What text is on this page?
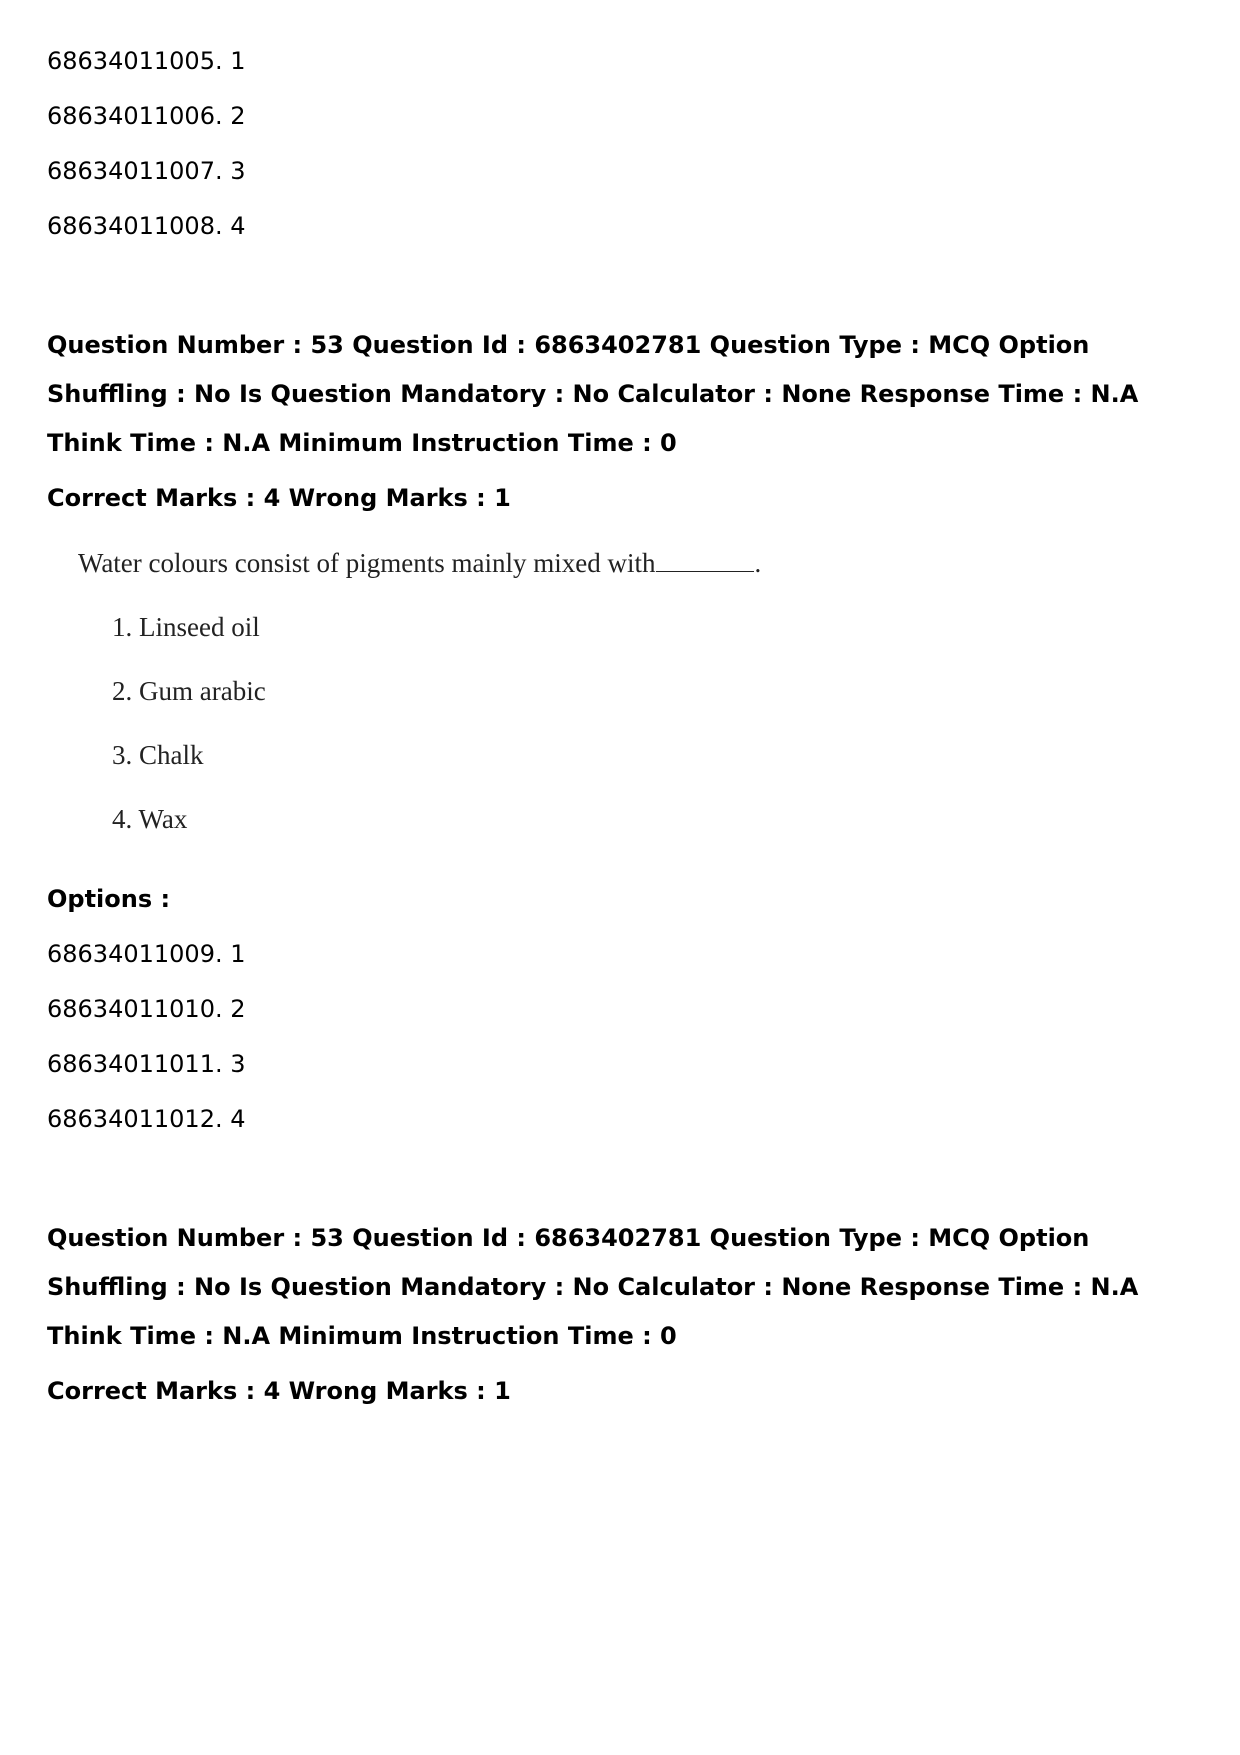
68634011005. 1
68634011006. 2
68634011007. 3
68634011008. 4
Question Number : 53 Question Id : 6863402781 Question Type : MCQ Option Shuffling : No Is Question Mandatory : No Calculator : None Response Time : N.A Think Time : N.A Minimum Instruction Time : 0
Correct Marks : 4 Wrong Marks : 1
Water colours consist of pigments mainly mixed with	.
1. Linseed oil
2. Gum arabic
3. Chalk
4. Wax
Options :
68634011009. 1
68634011010. 2
68634011011. 3
68634011012. 4
Question Number : 53 Question Id : 6863402781 Question Type : MCQ Option Shuffling : No Is Question Mandatory : No Calculator : None Response Time : N.A Think Time : N.A Minimum Instruction Time : 0
Correct Marks : 4 Wrong Marks : 1
